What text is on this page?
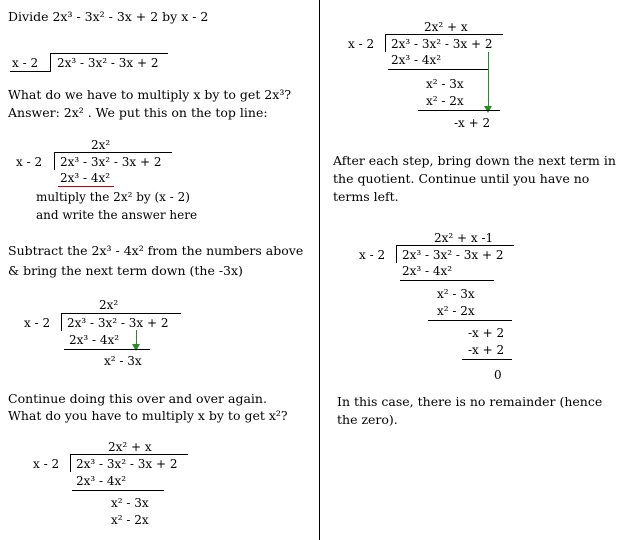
Divide 2x³ - 3x² - 3x + 2 by x - 2
x - 2 2x³ - 3x² - 3x + 2
What do we have to multiply x by to get 2x³?
Answer: 2x² . We put this on the top line:
2x²
x - 2 2x³ - 3x² - 3x + 2
2x³ - 4x²
multiply the 2x² by (x - 2)
and write the answer here
Subtract the 2x³ - 4x² from the numbers above
& bring the next term down (the -3x)
2x²
x - 2 2x³ - 3x² - 3x + 2
2x³ - 4x²
x² - 3x
Continue doing this over and over again.
What do you have to multiply x by to get x²?
2x² + x
x - 2 2x³ - 3x² - 3x + 2
2x³ - 4x²
x² - 3x
x² - 2x
2x² + x
x - 2 2x³ - 3x² - 3x + 2
2x³ - 4x²
x² - 3x
x² - 2x
-x + 2
After each step, bring down the next term in
the quotient. Continue until you have no
terms left.
2x² + x -1
x - 2 2x³ - 3x² - 3x + 2
2x³ - 4x²
x² - 3x
x² - 2x
-x + 2
-x + 2
0
In this case, there is no remainder (hence
the zero).
